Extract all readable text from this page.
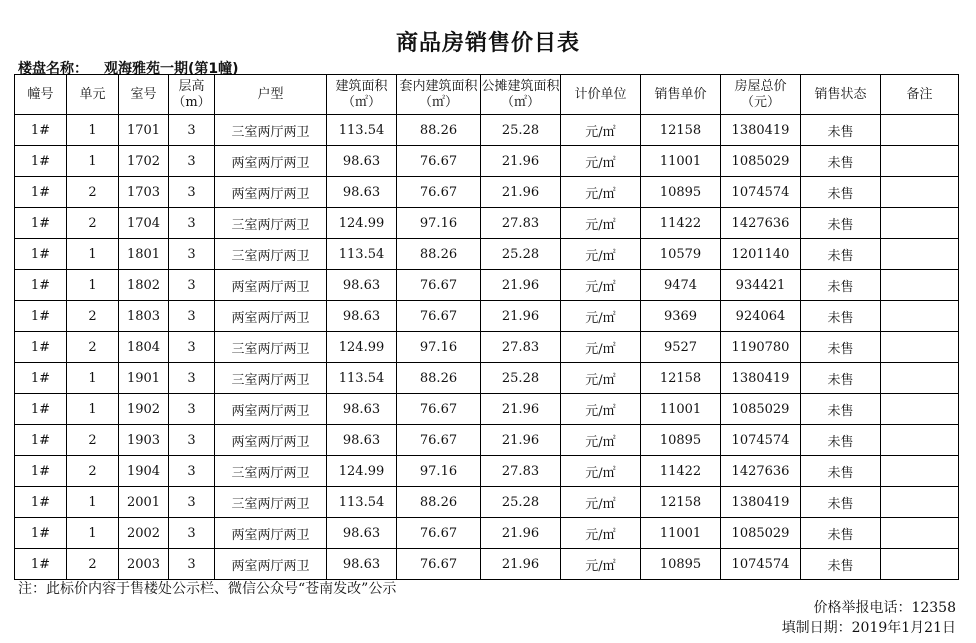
商品房销售价目表
楼盘名称： 观海雅苑一期(第1幢)
幢号	单元	室号	层高（m）	户型	建筑面积（㎡）	套内建筑面积（㎡）	公摊建筑面积（㎡）	计价单位	销售单价	房屋总价（元）	销售状态	备注
1#	1	1701	3	三室两厅两卫	113.54	88.26	25.28	元/㎡	12158	1380419	未售	
1#	1	1702	3	两室两厅两卫	98.63	76.67	21.96	元/㎡	11001	1085029	未售	
1#	2	1703	3	两室两厅两卫	98.63	76.67	21.96	元/㎡	10895	1074574	未售	
1#	2	1704	3	三室两厅两卫	124.99	97.16	27.83	元/㎡	11422	1427636	未售	
1#	1	1801	3	三室两厅两卫	113.54	88.26	25.28	元/㎡	10579	1201140	未售	
1#	1	1802	3	两室两厅两卫	98.63	76.67	21.96	元/㎡	9474	934421	未售	
1#	2	1803	3	两室两厅两卫	98.63	76.67	21.96	元/㎡	9369	924064	未售	
1#	2	1804	3	三室两厅两卫	124.99	97.16	27.83	元/㎡	9527	1190780	未售	
1#	1	1901	3	三室两厅两卫	113.54	88.26	25.28	元/㎡	12158	1380419	未售	
1#	1	1902	3	两室两厅两卫	98.63	76.67	21.96	元/㎡	11001	1085029	未售	
1#	2	1903	3	两室两厅两卫	98.63	76.67	21.96	元/㎡	10895	1074574	未售	
1#	2	1904	3	三室两厅两卫	124.99	97.16	27.83	元/㎡	11422	1427636	未售	
1#	1	2001	3	三室两厅两卫	113.54	88.26	25.28	元/㎡	12158	1380419	未售	
1#	1	2002	3	两室两厅两卫	98.63	76.67	21.96	元/㎡	11001	1085029	未售	
1#	2	2003	3	两室两厅两卫	98.63	76.67	21.96	元/㎡	10895	1074574	未售	
注：此标价内容于售楼处公示栏、微信公众号“苍南发改”公示
价格举报电话：12358
填制日期：2019年1月21日
